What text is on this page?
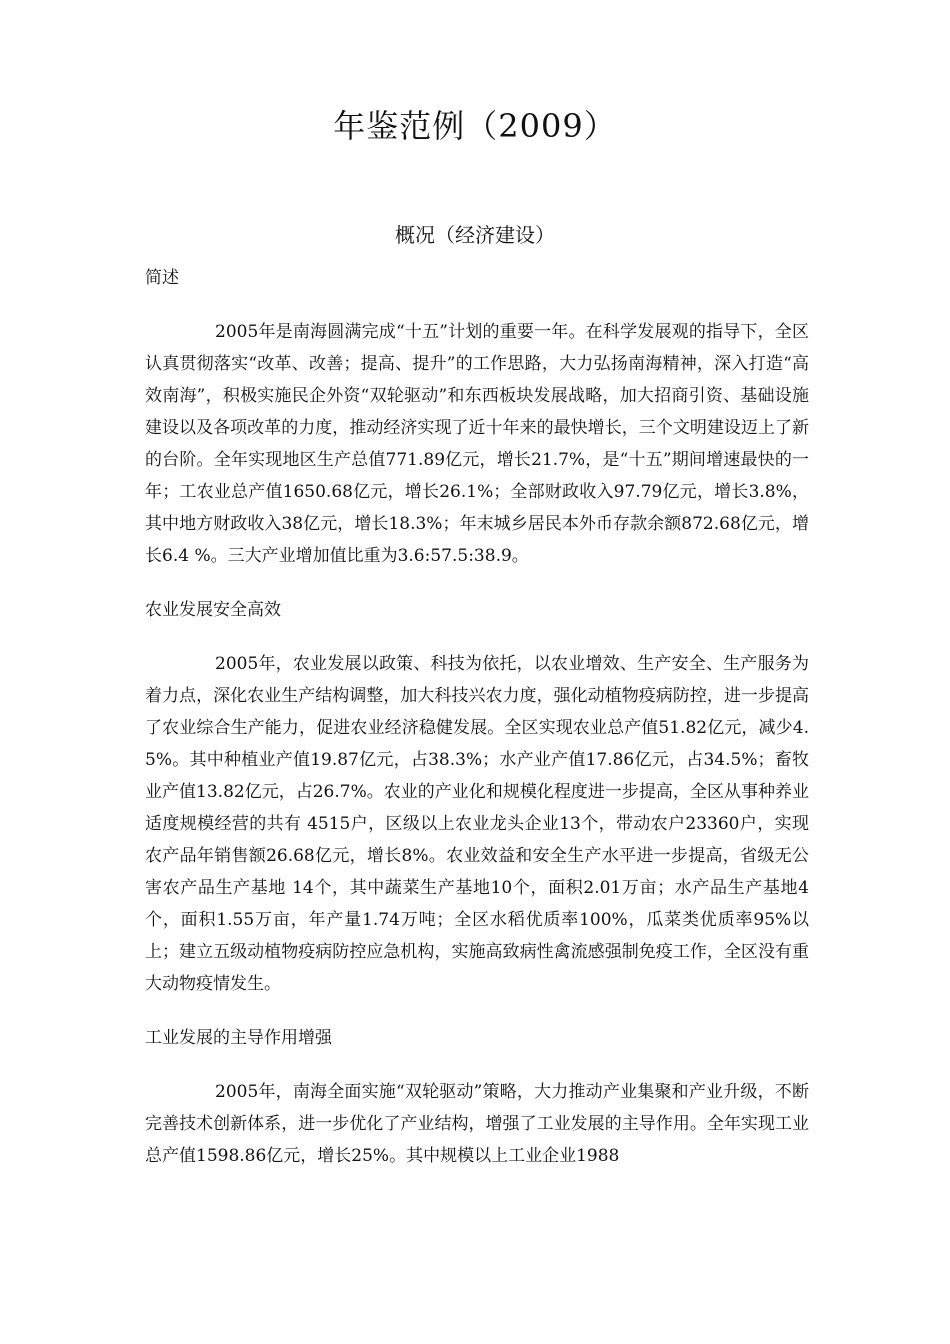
年鉴范例（2009）
概况（经济建设）
简述

2005年是南海圆满完成“十五”计划的重要一年。在科学发展观的指导下，全区认真贯彻落实“改革、改善；提高、提升”的工作思路，大力弘扬南海精神，深入打造“高效南海”，积极实施民企外资“双轮驱动”和东西板块发展战略，加大招商引资、基础设施建设以及各项改革的力度，推动经济实现了近十年来的最快增长，三个文明建设迈上了新的台阶。全年实现地区生产总值771.89亿元，增长21.7%，是“十五”期间增速最快的一年；工农业总产值1650.68亿元，增长26.1%；全部财政收入97.79亿元，增长3.8%，其中地方财政收入38亿元，增长18.3%；年末城乡居民本外币存款余额872.68亿元，增长6.4 %。三大产业增加值比重为3.6:57.5:38.9。

农业发展安全高效

2005年，农业发展以政策、科技为依托，以农业增效、生产安全、生产服务为着力点，深化农业生产结构调整，加大科技兴农力度，强化动植物疫病防控，进一步提高了农业综合生产能力，促进农业经济稳健发展。全区实现农业总产值51.82亿元，减少4.5%。其中种植业产值19.87亿元，占38.3%；水产业产值17.86亿元，占34.5%；畜牧业产值13.82亿元，占26.7%。农业的产业化和规模化程度进一步提高，全区从事种养业适度规模经营的共有 4515户，区级以上农业龙头企业13个，带动农户23360户，实现农产品年销售额26.68亿元，增长8%。农业效益和安全生产水平进一步提高，省级无公害农产品生产基地 14个，其中蔬菜生产基地10个，面积2.01万亩；水产品生产基地4个，面积1.55万亩，年产量1.74万吨；全区水稻优质率100%，瓜菜类优质率95%以上；建立五级动植物疫病防控应急机构，实施高致病性禽流感强制免疫工作，全区没有重大动物疫情发生。

工业发展的主导作用增强

2005年，南海全面实施“双轮驱动”策略，大力推动产业集聚和产业升级，不断完善技术创新体系，进一步优化了产业结构，增强了工业发展的主导作用。全年实现工业总产值1598.86亿元，增长25%。其中规模以上工业企业1988
